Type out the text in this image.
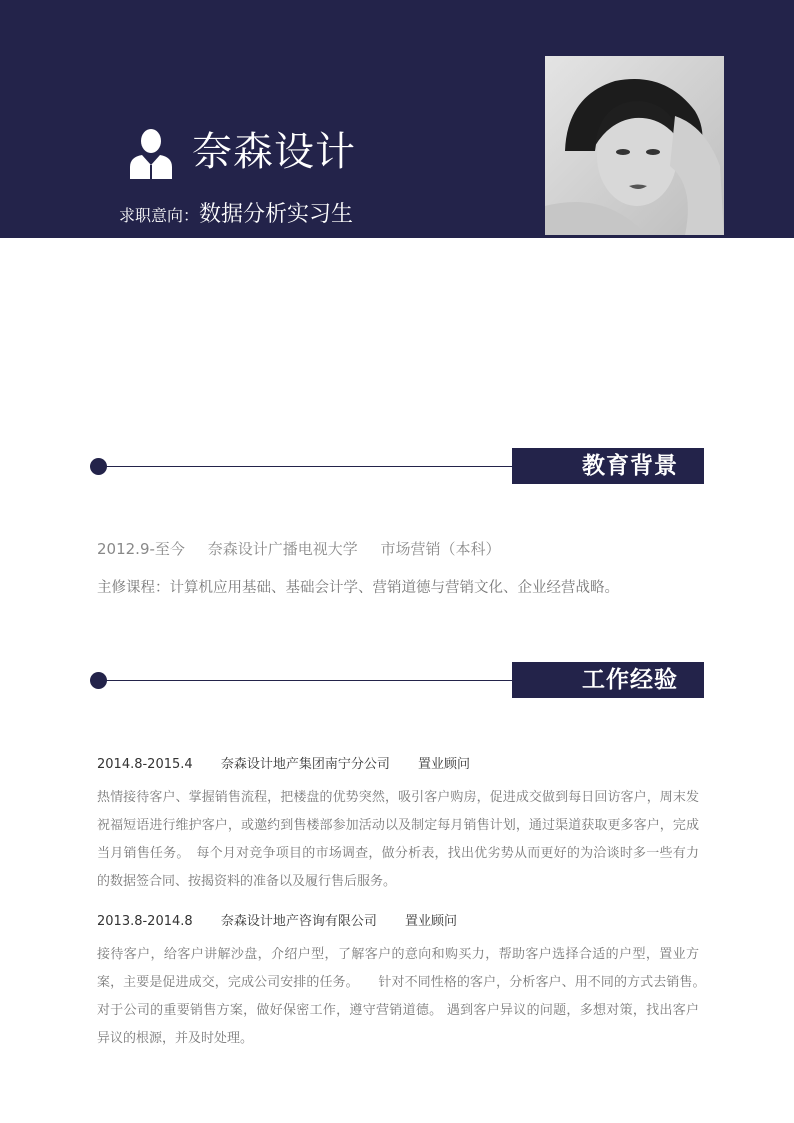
奈森设计
求职意向：数据分析实习生
教育背景
2012.9-至今 奈森设计广播电视大学 市场营销（本科）
主修课程：计算机应用基础、基础会计学、营销道德与营销文化、企业经营战略。
工作经验
2014.8-2015.4 奈森设计地产集团南宁分公司 置业顾问
热情接待客户、掌握销售流程，把楼盘的优势突然，吸引客户购房，促进成交做到每日回访客户，周末发祝福短语进行维护客户，或邀约到售楼部参加活动以及制定每月销售计划，通过渠道获取更多客户，完成当月销售任务。　每个月对竞争项目的市场调查，做分析表，找出优劣势从而更好的为洽谈时多一些有力 的数据签合同、按揭资料的准备以及履行售后服务。
2013.8-2014.8 奈森设计地产咨询有限公司 置业顾问
接待客户，给客户讲解沙盘，介绍户型，了解客户的意向和购买力，帮助客户选择合适的户型，置业方案，主要是促进成交，完成公司安排的任务。　　针对不同性格的客户，分析客户、用不同的方式去销售。　对于公司的重要销售方案，做好保密工作，遵守营销道德。 遇到客户异议的问题，多想对策，找出客户异议的根源，并及时处理。
